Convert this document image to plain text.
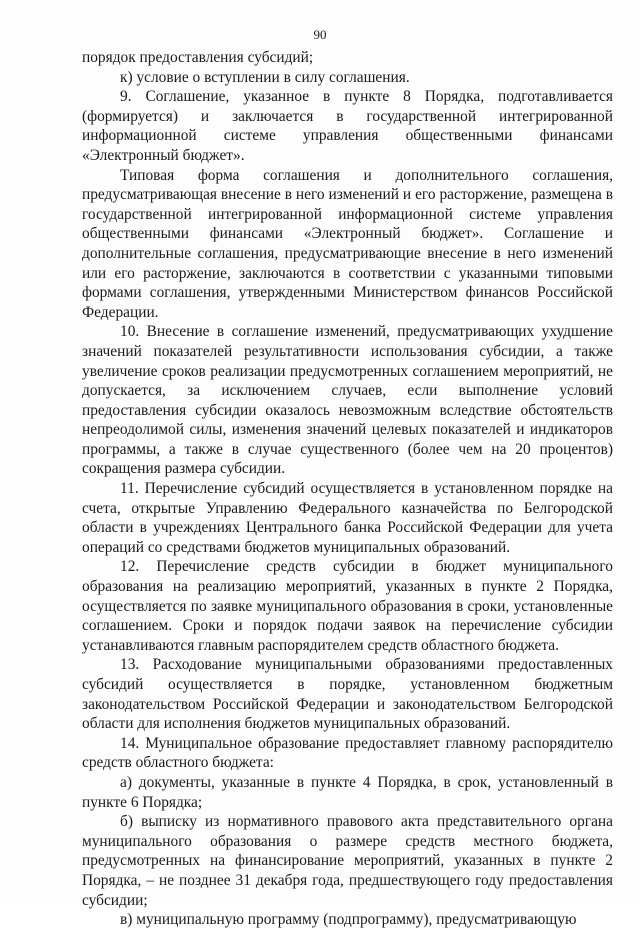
90

порядок предоставления субсидий;

к) условие о вступлении в силу соглашения.

9. Соглашение, указанное в пункте 8 Порядка, подготавливается (формируется) и заключается в государственной интегрированной информационной системе управления общественными финансами «Электронный бюджет».

Типовая форма соглашения и дополнительного соглашения, предусматривающая внесение в него изменений и его расторжение, размещена в государственной интегрированной информационной системе управления общественными финансами «Электронный бюджет». Соглашение и дополнительные соглашения, предусматривающие внесение в него изменений или его расторжение, заключаются в соответствии с указанными типовыми формами соглашения, утвержденными Министерством финансов Российской Федерации.

10. Внесение в соглашение изменений, предусматривающих ухудшение значений показателей результативности использования субсидии, а также увеличение сроков реализации предусмотренных соглашением мероприятий, не допускается, за исключением случаев, если выполнение условий предоставления субсидии оказалось невозможным вследствие обстоятельств непреодолимой силы, изменения значений целевых показателей и индикаторов программы, а также в случае существенного (более чем на 20 процентов) сокращения размера субсидии.

11. Перечисление субсидий осуществляется в установленном порядке на счета, открытые Управлению Федерального казначейства по Белгородской области в учреждениях Центрального банка Российской Федерации для учета операций со средствами бюджетов муниципальных образований.

12. Перечисление средств субсидии в бюджет муниципального образования на реализацию мероприятий, указанных в пункте 2 Порядка, осуществляется по заявке муниципального образования в сроки, установленные соглашением. Сроки и порядок подачи заявок на перечисление субсидии устанавливаются главным распорядителем средств областного бюджета.

13. Расходование муниципальными образованиями предоставленных субсидий осуществляется в порядке, установленном бюджетным законодательством Российской Федерации и законодательством Белгородской области для исполнения бюджетов муниципальных образований.

14. Муниципальное образование предоставляет главному распорядителю средств областного бюджета:

а) документы, указанные в пункте 4 Порядка, в срок, установленный в пункте 6 Порядка;

б) выписку из нормативного правового акта представительного органа муниципального образования о размере средств местного бюджета, предусмотренных на финансирование мероприятий, указанных в пункте 2 Порядка, – не позднее 31 декабря года, предшествующего году предоставления субсидии;

в) муниципальную программу (подпрограмму), предусматривающую
